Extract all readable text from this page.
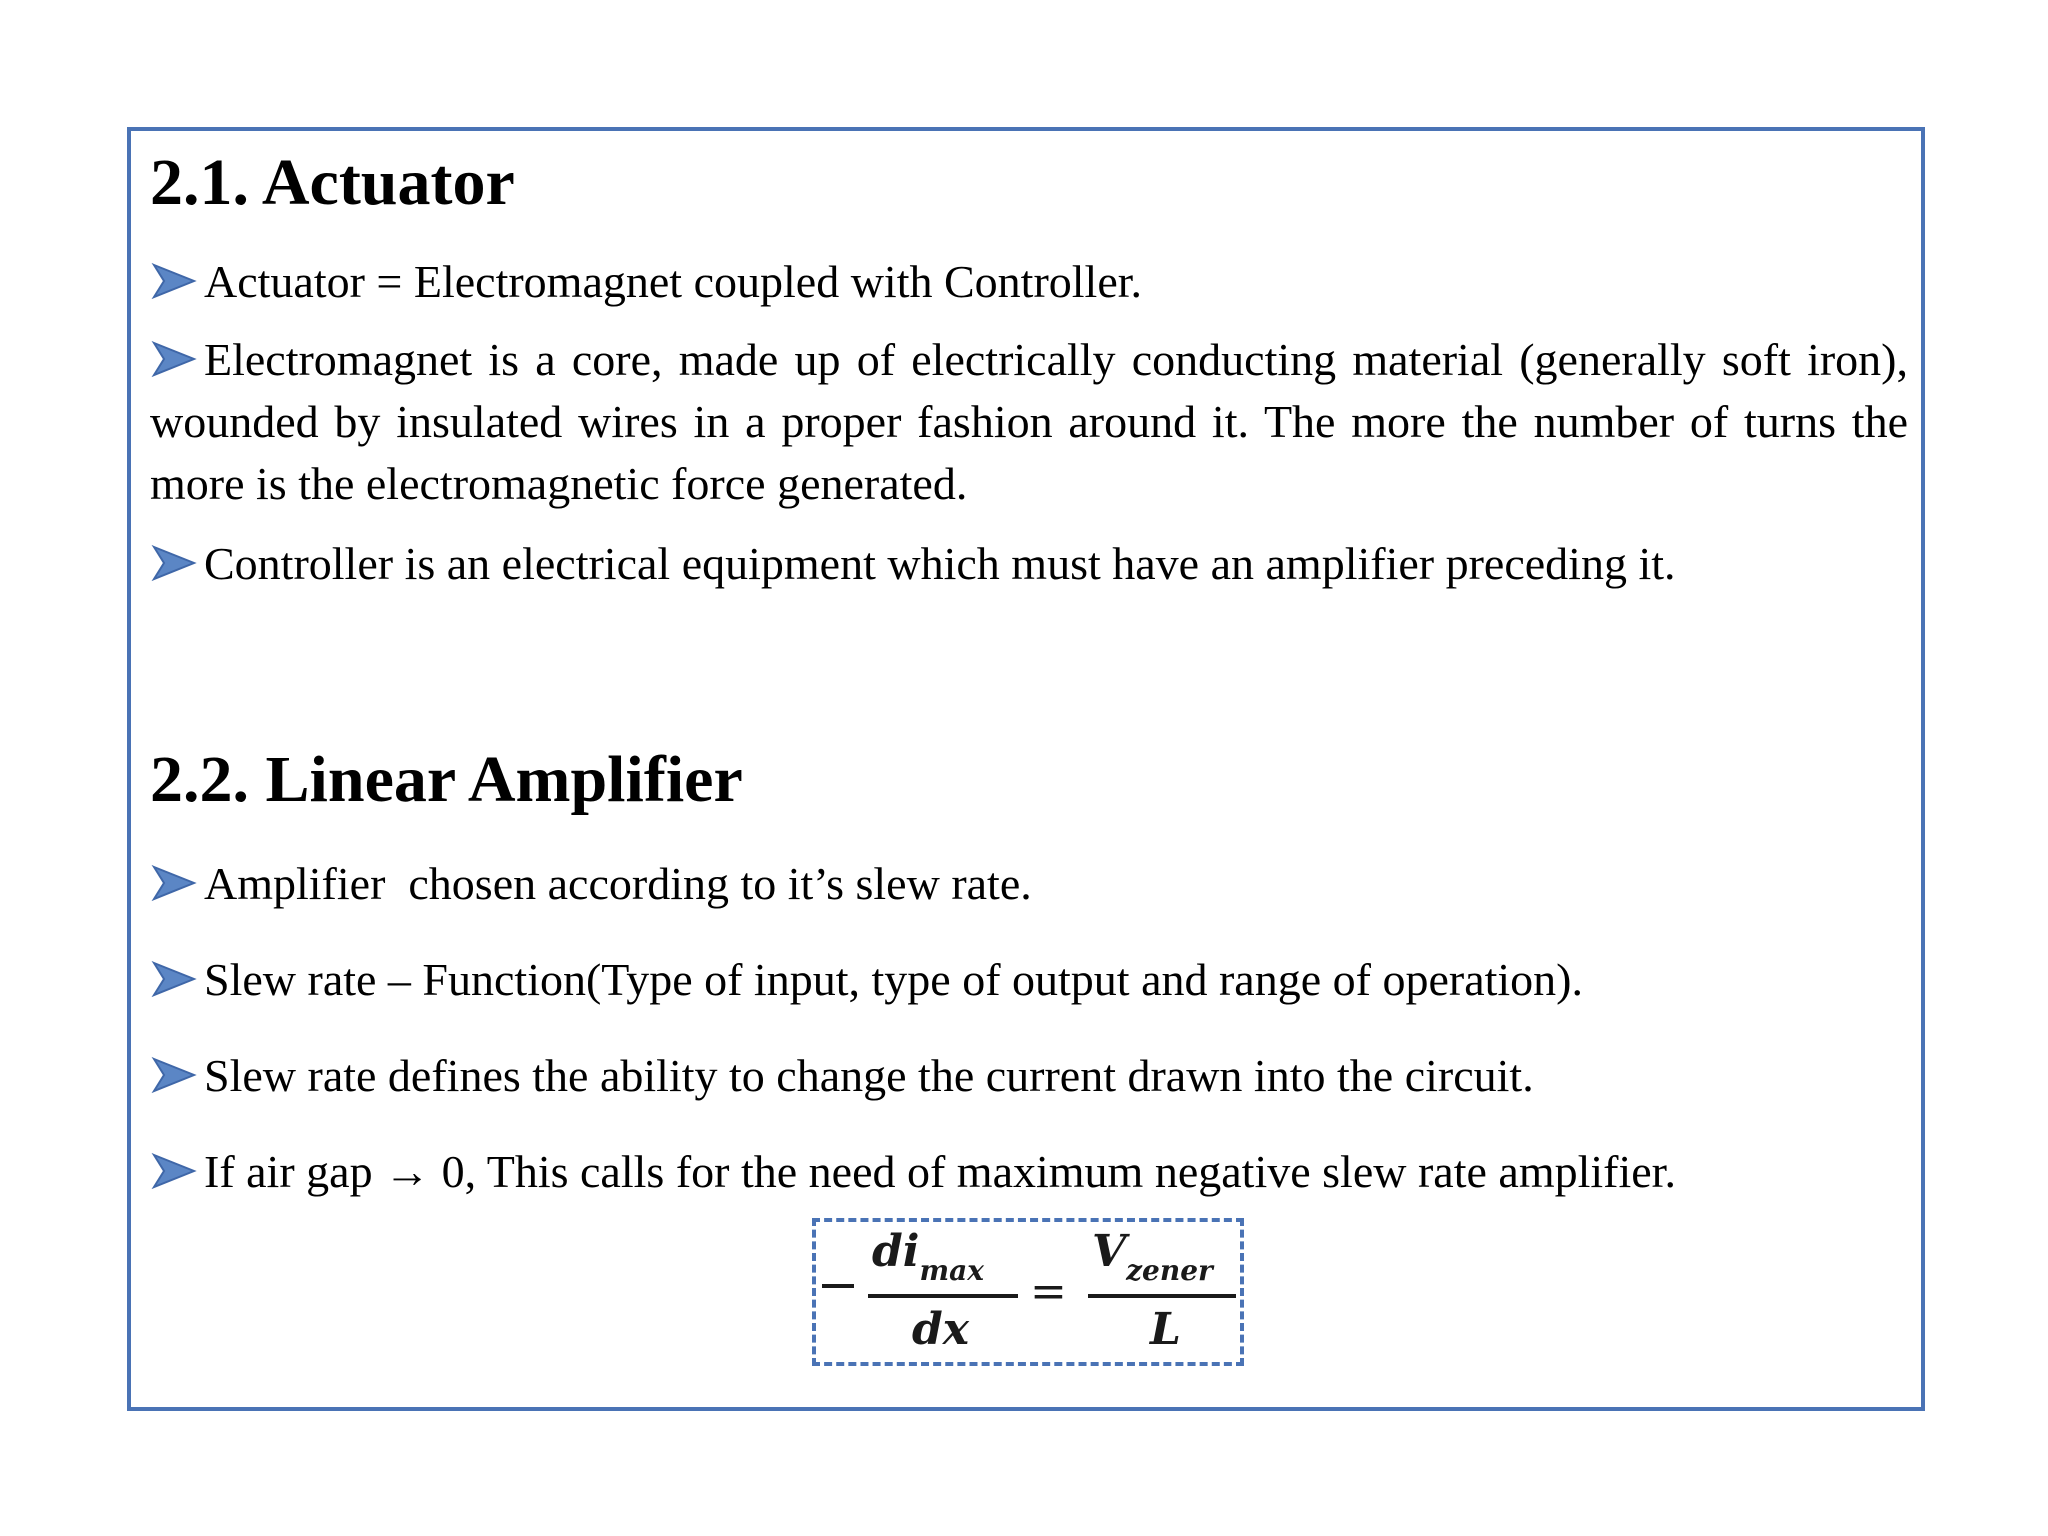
2.1. Actuator
Actuator = Electromagnet coupled with Controller.
Electromagnet is a core, made up of electrically conducting material (generally soft iron), wounded by insulated wires in a proper fashion around it. The more the number of turns the more is the electromagnetic force generated.
Controller is an electrical equipment which must have an amplifier preceding it.
2.2. Linear Amplifier
Amplifier  chosen according to it’s slew rate.
Slew rate – Function(Type of input, type of output and range of operation).
Slew rate defines the ability to change the current drawn into the circuit.
If air gap → 0, This calls for the need of maximum negative slew rate amplifier.
$di_{max}$
dx
=
$V_{zener}$
L
